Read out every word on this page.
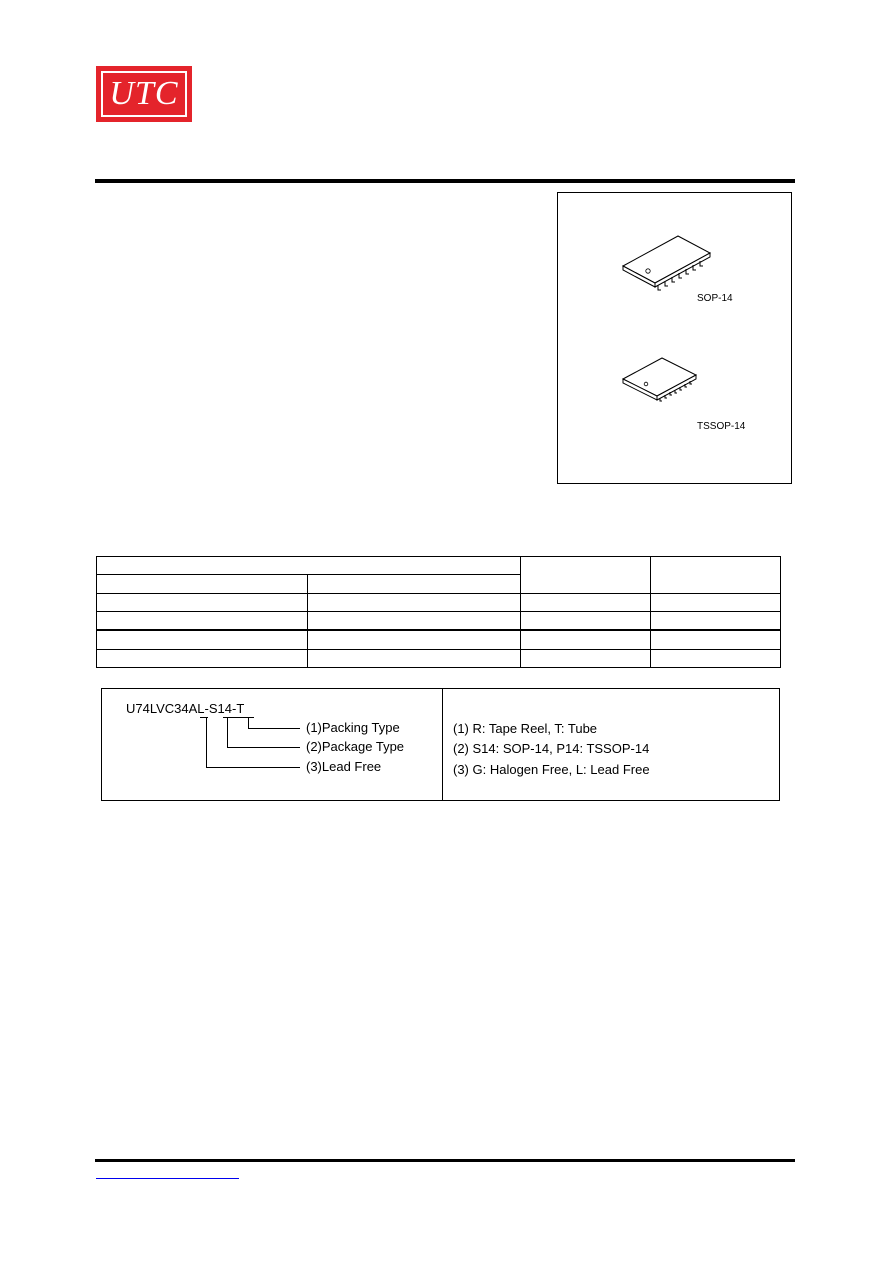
UTC
SOP-14
TSSOP-14

U74LVC34AL-S14-T
(1)Packing Type
(2)Package Type
(3)Lead Free
(1) R: Tape Reel, T: Tube
(2) S14: SOP-14, P14: TSSOP-14
(3) G: Halogen Free, L: Lead Free
